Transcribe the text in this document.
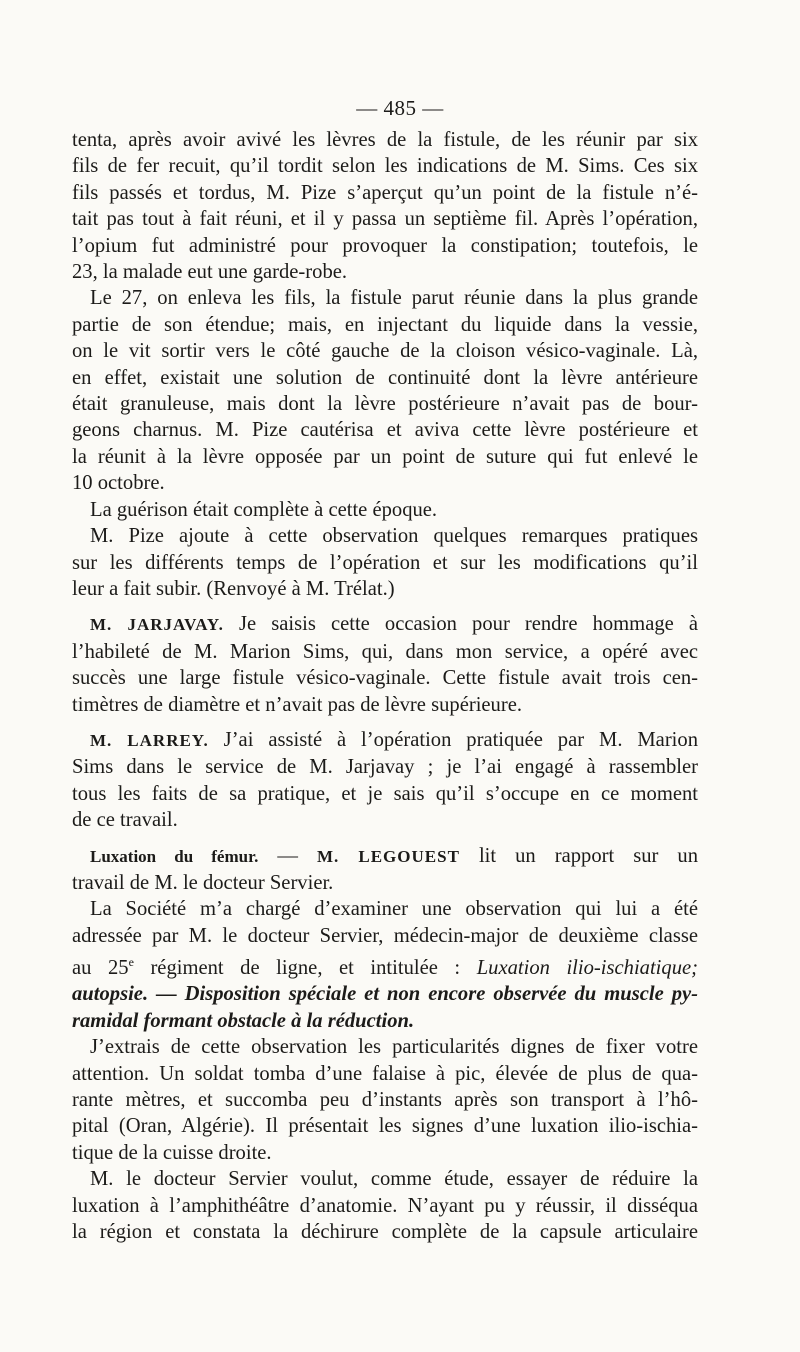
— 485 —

tenta, après avoir avivé les lèvres de la fistule, de les réunir par six

fils de fer recuit, qu’il tordit selon les indications de M. Sims. Ces six

fils passés et tordus, M. Pize s’aperçut qu’un point de la fistule n’é-

tait pas tout à fait réuni, et il y passa un septième fil. Après l’opération,

l’opium fut administré pour provoquer la constipation; toutefois, le

23, la malade eut une garde-robe.

Le 27, on enleva les fils, la fistule parut réunie dans la plus grande

partie de son étendue; mais, en injectant du liquide dans la vessie,

on le vit sortir vers le côté gauche de la cloison vésico-vaginale. Là,

en effet, existait une solution de continuité dont la lèvre antérieure

était granuleuse, mais dont la lèvre postérieure n’avait pas de bour-

geons charnus. M. Pize cautérisa et aviva cette lèvre postérieure et

la réunit à la lèvre opposée par un point de suture qui fut enlevé le

10 octobre.

La guérison était complète à cette époque.

M. Pize ajoute à cette observation quelques remarques pratiques

sur les différents temps de l’opération et sur les modifications qu’il

leur a fait subir. (Renvoyé à M. Trélat.)

M. JARJAVAY. Je saisis cette occasion pour rendre hommage à

l’habileté de M. Marion Sims, qui, dans mon service, a opéré avec

succès une large fistule vésico-vaginale. Cette fistule avait trois cen-

timètres de diamètre et n’avait pas de lèvre supérieure.

M. LARREY. J’ai assisté à l’opération pratiquée par M. Marion

Sims dans le service de M. Jarjavay ; je l’ai engagé à rassembler

tous les faits de sa pratique, et je sais qu’il s’occupe en ce moment

de ce travail.

Luxation du fémur. — M. LEGOUEST lit un rapport sur un

travail de M. le docteur Servier.

La Société m’a chargé d’examiner une observation qui lui a été

adressée par M. le docteur Servier, médecin-major de deuxième classe

au 25e régiment de ligne, et intitulée : Luxation ilio-ischiatique;

autopsie. — Disposition spéciale et non encore observée du muscle py-

ramidal formant obstacle à la réduction.

J’extrais de cette observation les particularités dignes de fixer votre

attention. Un soldat tomba d’une falaise à pic, élevée de plus de qua-

rante mètres, et succomba peu d’instants après son transport à l’hô-

pital (Oran, Algérie). Il présentait les signes d’une luxation ilio-ischia-

tique de la cuisse droite.

M. le docteur Servier voulut, comme étude, essayer de réduire la

luxation à l’amphithéâtre d’anatomie. N’ayant pu y réussir, il disséqua

la région et constata la déchirure complète de la capsule articulaire
